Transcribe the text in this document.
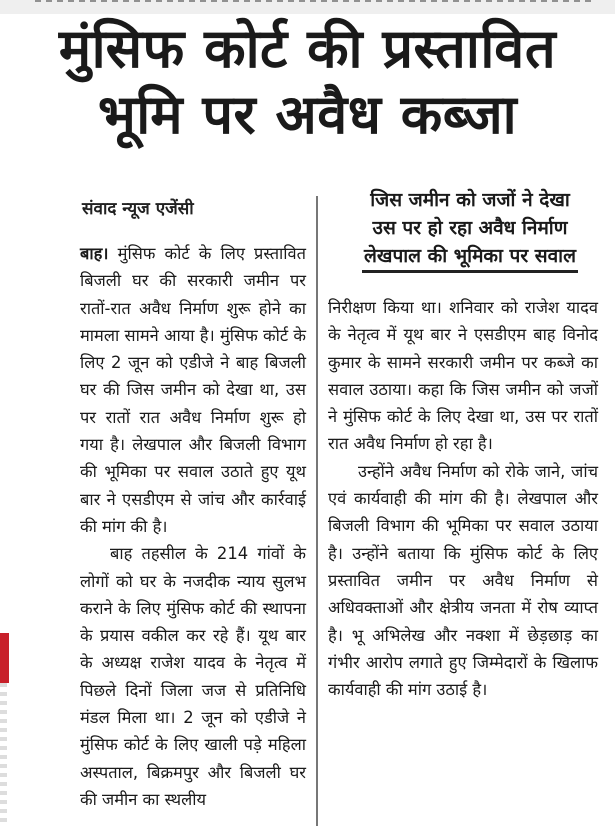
मुंसिफ कोर्ट की प्रस्तावित
भूमि पर अवैध कब्जा
संवाद न्यूज एजेंसी

बाह। मुंसिफ कोर्ट के लिए प्रस्तावित बिजली घर की सरकारी जमीन पर रातों-रात अवैध निर्माण शुरू होने का मामला सामने आया है। मुंसिफ कोर्ट के लिए 2 जून को एडीजे ने बाह बिजली घर की जिस जमीन को देखा था, उस पर रातों रात अवैध निर्माण शुरू हो गया है। लेखपाल और बिजली विभाग की भूमिका पर सवाल उठाते हुए यूथ बार ने एसडीएम से जांच और कार्रवाई की मांग की है।

बाह तहसील के 214 गांवों के लोगों को घर के नजदीक न्याय सुलभ कराने के लिए मुंसिफ कोर्ट की स्थापना के प्रयास वकील कर रहे हैं। यूथ बार के अध्यक्ष राजेश यादव के नेतृत्व में पिछले दिनों जिला जज से प्रतिनिधि मंडल मिला था। 2 जून को एडीजे ने मुंसिफ कोर्ट के लिए खाली पड़े महिला अस्पताल, बिक्रमपुर और बिजली घर की जमीन का स्थलीय

जिस जमीन को जजों ने देखा
उस पर हो रहा अवैध निर्माण
लेखपाल की भूमिका पर सवाल

निरीक्षण किया था। शनिवार को राजेश यादव के नेतृत्व में यूथ बार ने एसडीएम बाह विनोद कुमार के सामने सरकारी जमीन पर कब्जे का सवाल उठाया। कहा कि जिस जमीन को जजों ने मुंसिफ कोर्ट के लिए देखा था, उस पर रातों रात अवैध निर्माण हो रहा है।

उन्होंने अवैध निर्माण को रोके जाने, जांच एवं कार्यवाही की मांग की है। लेखपाल और बिजली विभाग की भूमिका पर सवाल उठाया है। उन्होंने बताया कि मुंसिफ कोर्ट के लिए प्रस्तावित जमीन पर अवैध निर्माण से अधिवक्ताओं और क्षेत्रीय जनता में रोष व्याप्त है। भू अभिलेख और नक्शा में छेड़छाड़ का गंभीर आरोप लगाते हुए जिम्मेदारों के खिलाफ कार्यवाही की मांग उठाई है।
